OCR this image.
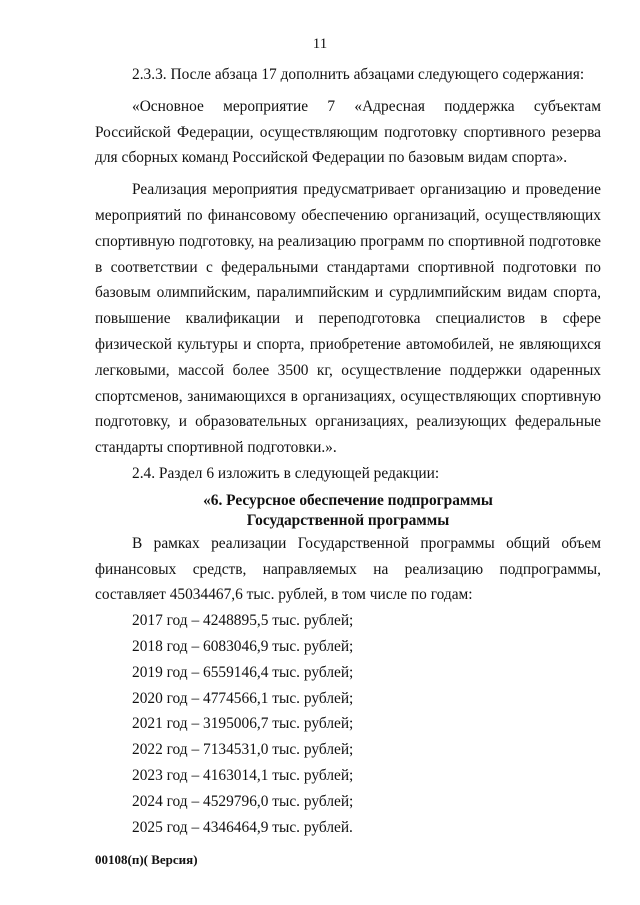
11

2.3.3. После абзаца 17 дополнить абзацами следующего содержания:

«Основное мероприятие 7 «Адресная поддержка субъектам Российской Федерации, осуществляющим подготовку спортивного резерва для сборных команд Российской Федерации по базовым видам спорта».

Реализация мероприятия предусматривает организацию и проведение мероприятий по финансовому обеспечению организаций, осуществляющих спортивную подготовку, на реализацию программ по спортивной подготовке в соответствии с федеральными стандартами спортивной подготовки по базовым олимпийским, паралимпийским и сурдлимпийским видам спорта, повышение квалификации и переподготовка специалистов в сфере физической культуры и спорта, приобретение автомобилей, не являющихся легковыми, массой более 3500 кг, осуществление поддержки одаренных спортсменов, занимающихся в организациях, осуществляющих спортивную подготовку, и образовательных организациях, реализующих федеральные стандарты спортивной подготовки.».

2.4. Раздел 6 изложить в следующей редакции:

«6. Ресурсное обеспечение подпрограммы

Государственной программы

В рамках реализации Государственной программы общий объем финансовых средств, направляемых на реализацию подпрограммы, составляет 45034467,6 тыс. рублей, в том числе по годам:

2017 год – 4248895,5 тыс. рублей;
2018 год – 6083046,9 тыс. рублей;
2019 год – 6559146,4 тыс. рублей;
2020 год – 4774566,1 тыс. рублей;
2021 год – 3195006,7 тыс. рублей;
2022 год – 7134531,0 тыс. рублей;
2023 год – 4163014,1 тыс. рублей;
2024 год – 4529796,0 тыс. рублей;
2025 год – 4346464,9 тыс. рублей.
00108(п)( Версия)
